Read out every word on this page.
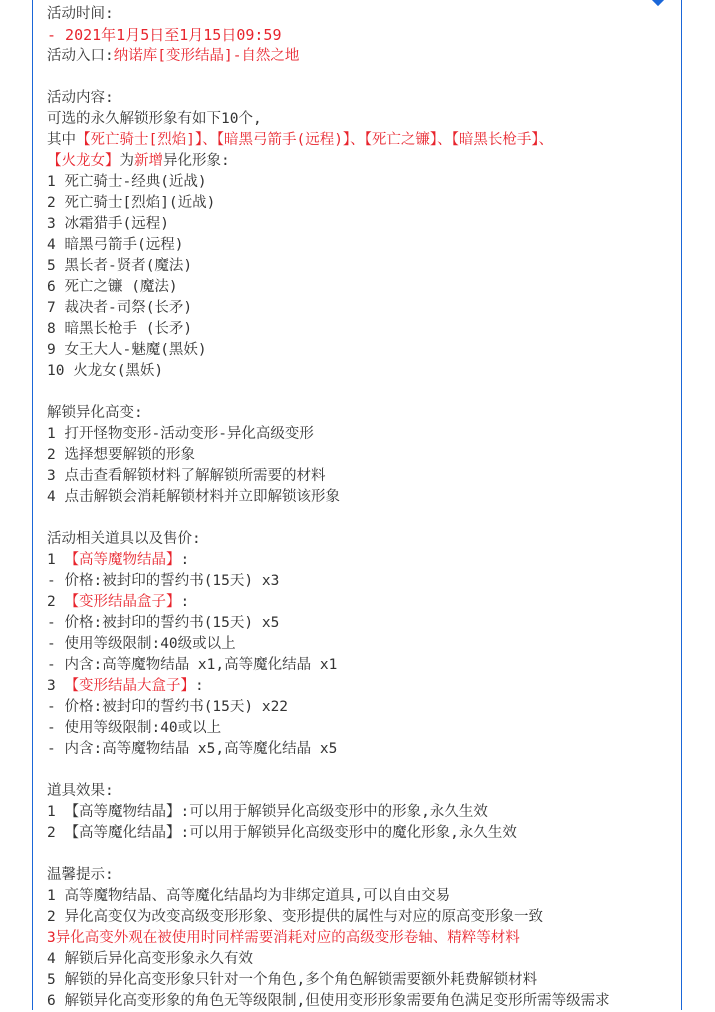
活动时间:
- 2021年1月5日至1月15日09:59
活动入口:纳诺库[变形结晶]-自然之地
活动内容:
可选的永久解锁形象有如下10个,
其中【死亡骑士[烈焰]】、【暗黑弓箭手(远程)】、【死亡之镰】、【暗黑长枪手】、
【火龙女】为新增异化形象:
1 死亡骑士-经典(近战)
2 死亡骑士[烈焰](近战)
3 冰霜猎手(远程)
4 暗黑弓箭手(远程)
5 黑长者-贤者(魔法)
6 死亡之镰 (魔法)
7 裁决者-司祭(长矛)
8 暗黑长枪手 (长矛)
9 女王大人-魅魔(黑妖)
10 火龙女(黑妖)
解锁异化高变:
1 打开怪物变形-活动变形-异化高级变形
2 选择想要解锁的形象
3 点击查看解锁材料了解解锁所需要的材料
4 点击解锁会消耗解锁材料并立即解锁该形象
活动相关道具以及售价:
1 【高等魔物结晶】:
- 价格:被封印的誓约书(15天) x3
2 【变形结晶盒子】:
- 价格:被封印的誓约书(15天) x5
- 使用等级限制:40级或以上
- 内含:高等魔物结晶 x1,高等魔化结晶 x1
3 【变形结晶大盒子】:
- 价格:被封印的誓约书(15天) x22
- 使用等级限制:40或以上
- 内含:高等魔物结晶 x5,高等魔化结晶 x5
道具效果:
1 【高等魔物结晶】:可以用于解锁异化高级变形中的形象,永久生效
2 【高等魔化结晶】:可以用于解锁异化高级变形中的魔化形象,永久生效
温馨提示:
1 高等魔物结晶、高等魔化结晶均为非绑定道具,可以自由交易
2 异化高变仅为改变高级变形形象、变形提供的属性与对应的原高变形象一致
3异化高变外观在被使用时同样需要消耗对应的高级变形卷轴、精粹等材料
4 解锁后异化高变形象永久有效
5 解锁的异化高变形象只针对一个角色,多个角色解锁需要额外耗费解锁材料
6 解锁异化高变形象的角色无等级限制,但使用变形形象需要角色满足变形所需等级需求
